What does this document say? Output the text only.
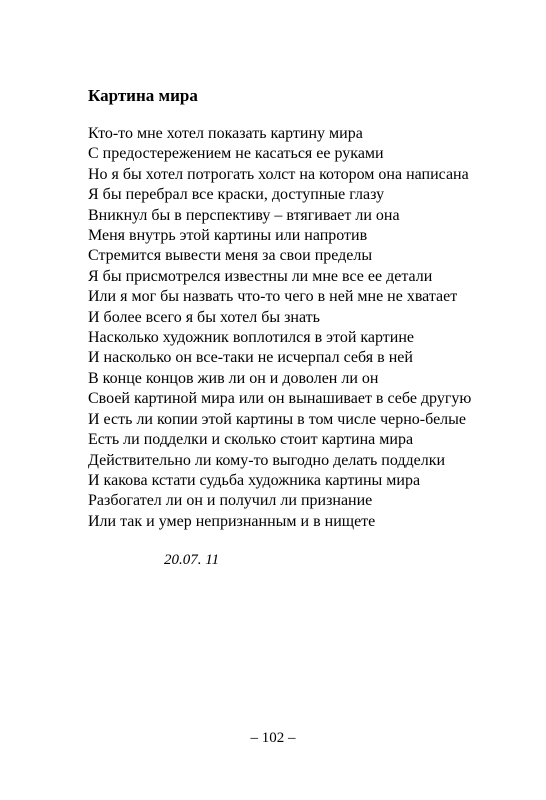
Картина мира
Кто-то мне хотел показать картину мира
С предостережением не касаться ее руками
Но я бы хотел потрогать холст на котором она написана
Я бы перебрал все краски, доступные глазу
Вникнул бы в перспективу – втягивает ли она
Меня внутрь этой картины или напротив
Стремится вывести меня за свои пределы
Я бы присмотрелся известны ли мне все ее детали
Или я мог бы назвать что-то чего в ней мне не хватает
И более всего я бы хотел бы знать
Насколько художник воплотился в этой картине
И насколько он все-таки не исчерпал себя в ней
В конце концов жив ли он и доволен ли он
Своей картиной мира или он вынашивает в себе другую
И есть ли копии этой картины в том числе черно-белые
Есть ли подделки и сколько стоит картина мира
Действительно ли кому-то выгодно делать подделки
И какова кстати судьба художника картины мира
Разбогател ли он и получил ли признание
Или так и умер непризнанным и в нищете
20.07. 11
– 102 –
